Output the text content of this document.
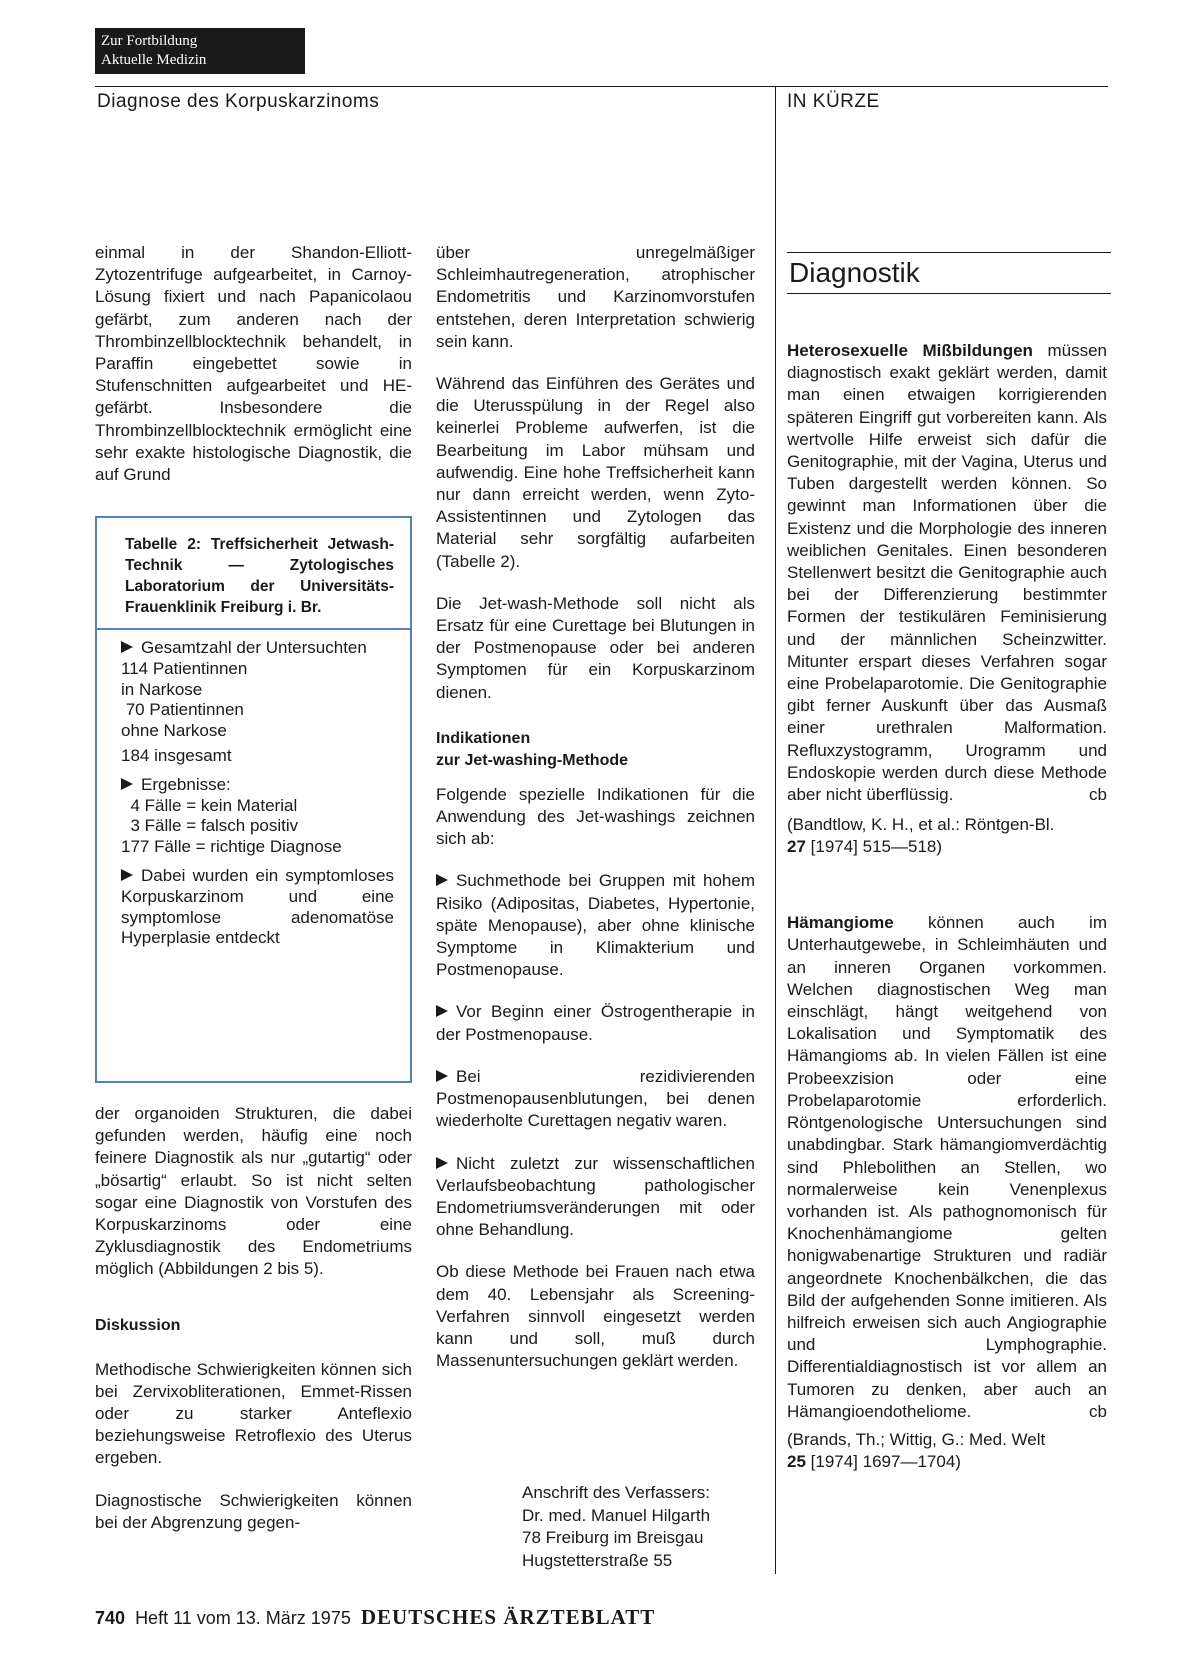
Zur Fortbildung
Aktuelle Medizin
Diagnose des Korpuskarzinoms	IN KÜRZE

einmal in der Shandon-Elliott-Zytozentrifuge aufgearbeitet, in Carnoy-Lösung fixiert und nach Papanicolaou gefärbt, zum anderen nach der Thrombinzellblocktechnik behandelt, in Paraffin eingebettet sowie in Stufenschnitten aufgearbeitet und HE-gefärbt. Insbesondere die Thrombinzellblocktechnik ermöglicht eine sehr exakte histologische Diagnostik, die auf Grund

Tabelle 2: Treffsicherheit Jetwash-Technik — Zytologisches Laboratorium der Universitäts-Frauenklinik Freiburg i. Br.

Gesamtzahl der Untersuchten

114 Patientinnen

in Narkose

70 Patientinnen

ohne Narkose

184 insgesamt

Ergebnisse:

4 Fälle = kein Material

3 Fälle = falsch positiv

177 Fälle = richtige Diagnose

Dabei wurden ein symptomloses Korpuskarzinom und eine symptomlose adenomatöse Hyperplasie entdeckt

der organoiden Strukturen, die dabei gefunden werden, häufig eine noch feinere Diagnostik als nur „gutartig“ oder „bösartig“ erlaubt. So ist nicht selten sogar eine Diagnostik von Vorstufen des Korpuskarzinoms oder eine Zyklusdiagnostik des Endometriums möglich (Abbildungen 2 bis 5).

Diskussion

Methodische Schwierigkeiten können sich bei Zervixobliterationen, Emmet-Rissen oder zu starker Anteflexio beziehungsweise Retroflexio des Uterus ergeben.

Diagnostische Schwierigkeiten können bei der Abgrenzung gegen-

über unregelmäßiger Schleimhautregeneration, atrophischer Endometritis und Karzinomvorstufen entstehen, deren Interpretation schwierig sein kann.

Während das Einführen des Gerätes und die Uterusspülung in der Regel also keinerlei Probleme aufwerfen, ist die Bearbeitung im Labor mühsam und aufwendig. Eine hohe Treffsicherheit kann nur dann erreicht werden, wenn Zyto-Assistentinnen und Zytologen das Material sehr sorgfältig aufarbeiten (Tabelle 2).

Die Jet-wash-Methode soll nicht als Ersatz für eine Curettage bei Blutungen in der Postmenopause oder bei anderen Symptomen für ein Korpuskarzinom dienen.

Indikationen
zur Jet-washing-Methode

Folgende spezielle Indikationen für die Anwendung des Jet-washings zeichnen sich ab:

Suchmethode bei Gruppen mit hohem Risiko (Adipositas, Diabetes, Hypertonie, späte Menopause), aber ohne klinische Symptome in Klimakterium und Postmenopause.

Vor Beginn einer Östrogentherapie in der Postmenopause.

Bei rezidivierenden Postmenopausenblutungen, bei denen wiederholte Curettagen negativ waren.

Nicht zuletzt zur wissenschaftlichen Verlaufsbeobachtung pathologischer Endometriumsveränderungen mit oder ohne Behandlung.

Ob diese Methode bei Frauen nach etwa dem 40. Lebensjahr als Screening-Verfahren sinnvoll eingesetzt werden kann und soll, muß durch Massenuntersuchungen geklärt werden.

Anschrift des Verfassers:

Dr. med. Manuel Hilgarth

78 Freiburg im Breisgau

Hugstetterstraße 55

Diagnostik

Heterosexuelle Mißbildungen müssen diagnostisch exakt geklärt werden, damit man einen etwaigen korrigierenden späteren Eingriff gut vorbereiten kann. Als wertvolle Hilfe erweist sich dafür die Genitographie, mit der Vagina, Uterus und Tuben dargestellt werden können. So gewinnt man Informationen über die Existenz und die Morphologie des inneren weiblichen Genitales. Einen besonderen Stellenwert besitzt die Genitographie auch bei der Differenzierung bestimmter Formen der testikulären Feminisierung und der männlichen Scheinzwitter. Mitunter erspart dieses Verfahren sogar eine Probelaparotomie. Die Genitographie gibt ferner Auskunft über das Ausmaß einer urethralen Malformation. Refluxzystogramm, Urogramm und Endoskopie werden durch diese Methode aber nicht überflüssig.	cb

(Bandtlow, K. H., et al.: Röntgen-Bl.
27 [1974] 515—518)

Hämangiome können auch im Unterhautgewebe, in Schleimhäuten und an inneren Organen vorkommen. Welchen diagnostischen Weg man einschlägt, hängt weitgehend von Lokalisation und Symptomatik des Hämangioms ab. In vielen Fällen ist eine Probeexzision oder eine Probelaparotomie erforderlich. Röntgenologische Untersuchungen sind unabdingbar. Stark hämangiomverdächtig sind Phlebolithen an Stellen, wo normalerweise kein Venenplexus vorhanden ist. Als pathognomonisch für Knochenhämangiome gelten honigwabenartige Strukturen und radiär angeordnete Knochenbälkchen, die das Bild der aufgehenden Sonne imitieren. Als hilfreich erweisen sich auch Angiographie und Lymphographie. Differentialdiagnostisch ist vor allem an Tumoren zu denken, aber auch an Hämangioendotheliome.	cb

(Brands, Th.; Wittig, G.: Med. Welt
25 [1974] 1697—1704)
740 Heft 11 vom 13. März 1975 DEUTSCHES ÄRZTEBLATT
